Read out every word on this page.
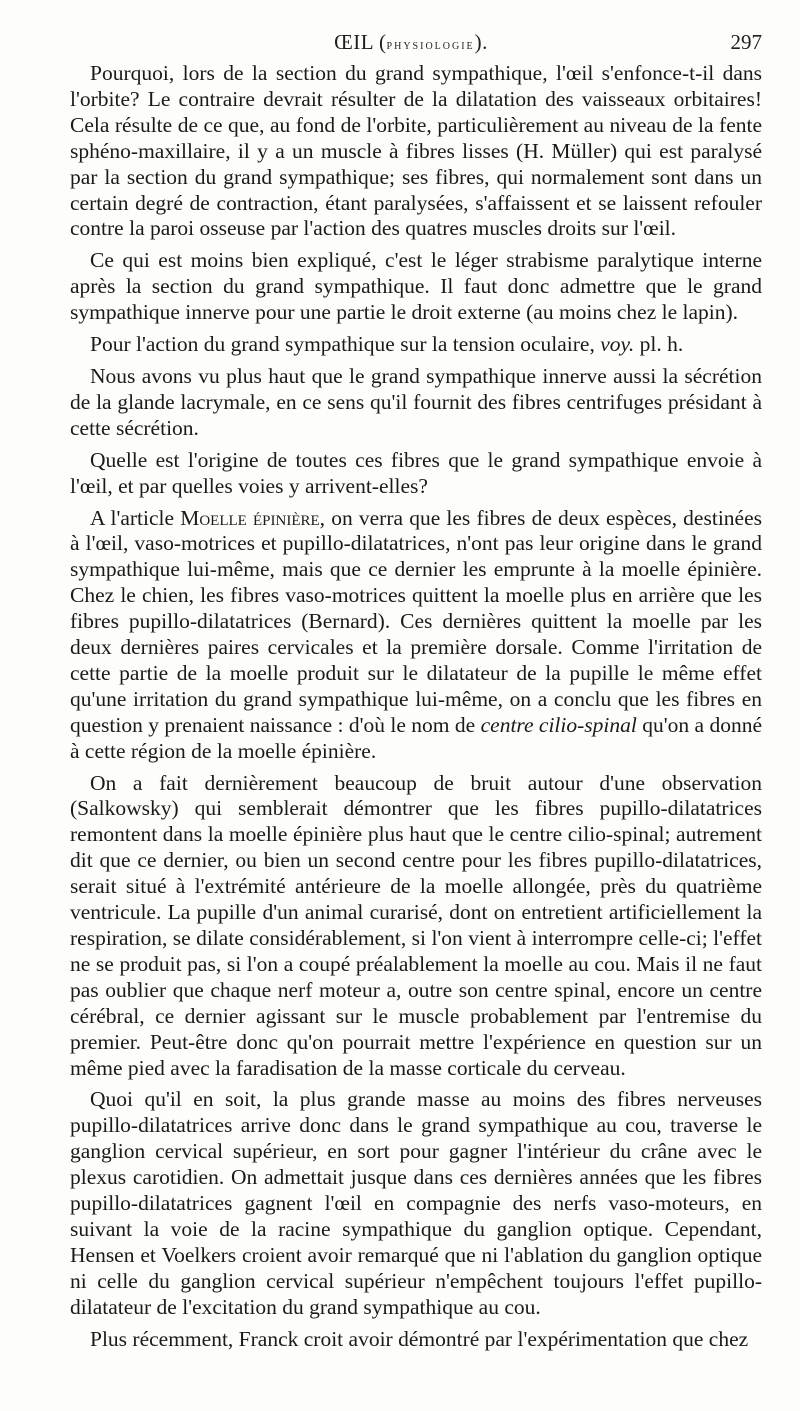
ŒIL (physiologie).	297

Pourquoi, lors de la section du grand sympathique, l'œil s'enfonce-t-il dans l'orbite? Le contraire devrait résulter de la dilatation des vaisseaux orbitaires! Cela résulte de ce que, au fond de l'orbite, particulièrement au niveau de la fente sphéno-maxillaire, il y a un muscle à fibres lisses (H. Müller) qui est paralysé par la section du grand sympathique; ses fibres, qui normalement sont dans un certain degré de contraction, étant paralysées, s'affaissent et se laissent refouler contre la paroi osseuse par l'action des quatres muscles droits sur l'œil.

Ce qui est moins bien expliqué, c'est le léger strabisme paralytique interne après la section du grand sympathique. Il faut donc admettre que le grand sympathique innerve pour une partie le droit externe (au moins chez le lapin).

Pour l'action du grand sympathique sur la tension oculaire, voy. pl. h.

Nous avons vu plus haut que le grand sympathique innerve aussi la sécrétion de la glande lacrymale, en ce sens qu'il fournit des fibres centrifuges présidant à cette sécrétion.

Quelle est l'origine de toutes ces fibres que le grand sympathique envoie à l'œil, et par quelles voies y arrivent-elles?

A l'article Moelle épinière, on verra que les fibres de deux espèces, destinées à l'œil, vaso-motrices et pupillo-dilatatrices, n'ont pas leur origine dans le grand sympathique lui-même, mais que ce dernier les emprunte à la moelle épinière. Chez le chien, les fibres vaso-motrices quittent la moelle plus en arrière que les fibres pupillo-dilatatrices (Bernard). Ces dernières quittent la moelle par les deux dernières paires cervicales et la première dorsale. Comme l'irritation de cette partie de la moelle produit sur le dilatateur de la pupille le même effet qu'une irritation du grand sympathique lui-même, on a conclu que les fibres en question y prenaient naissance : d'où le nom de centre cilio-spinal qu'on a donné à cette région de la moelle épinière.

On a fait dernièrement beaucoup de bruit autour d'une observation (Salkowsky) qui semblerait démontrer que les fibres pupillo-dilatatrices remontent dans la moelle épinière plus haut que le centre cilio-spinal; autrement dit que ce dernier, ou bien un second centre pour les fibres pupillo-dilatatrices, serait situé à l'extrémité antérieure de la moelle allongée, près du quatrième ventricule. La pupille d'un animal curarisé, dont on entretient artificiellement la respiration, se dilate considérablement, si l'on vient à interrompre celle-ci; l'effet ne se produit pas, si l'on a coupé préalablement la moelle au cou. Mais il ne faut pas oublier que chaque nerf moteur a, outre son centre spinal, encore un centre cérébral, ce dernier agissant sur le muscle probablement par l'entremise du premier. Peut-être donc qu'on pourrait mettre l'expérience en question sur un même pied avec la faradisation de la masse corticale du cerveau.

Quoi qu'il en soit, la plus grande masse au moins des fibres nerveuses pupillo-dilatatrices arrive donc dans le grand sympathique au cou, traverse le ganglion cervical supérieur, en sort pour gagner l'intérieur du crâne avec le plexus carotidien. On admettait jusque dans ces dernières années que les fibres pupillo-dilatatrices gagnent l'œil en compagnie des nerfs vaso-moteurs, en suivant la voie de la racine sympathique du ganglion optique. Cependant, Hensen et Voelkers croient avoir remarqué que ni l'ablation du ganglion optique ni celle du ganglion cervical supérieur n'empêchent toujours l'effet pupillo-dilatateur de l'excitation du grand sympathique au cou.

Plus récemment, Franck croit avoir démontré par l'expérimentation que chez
